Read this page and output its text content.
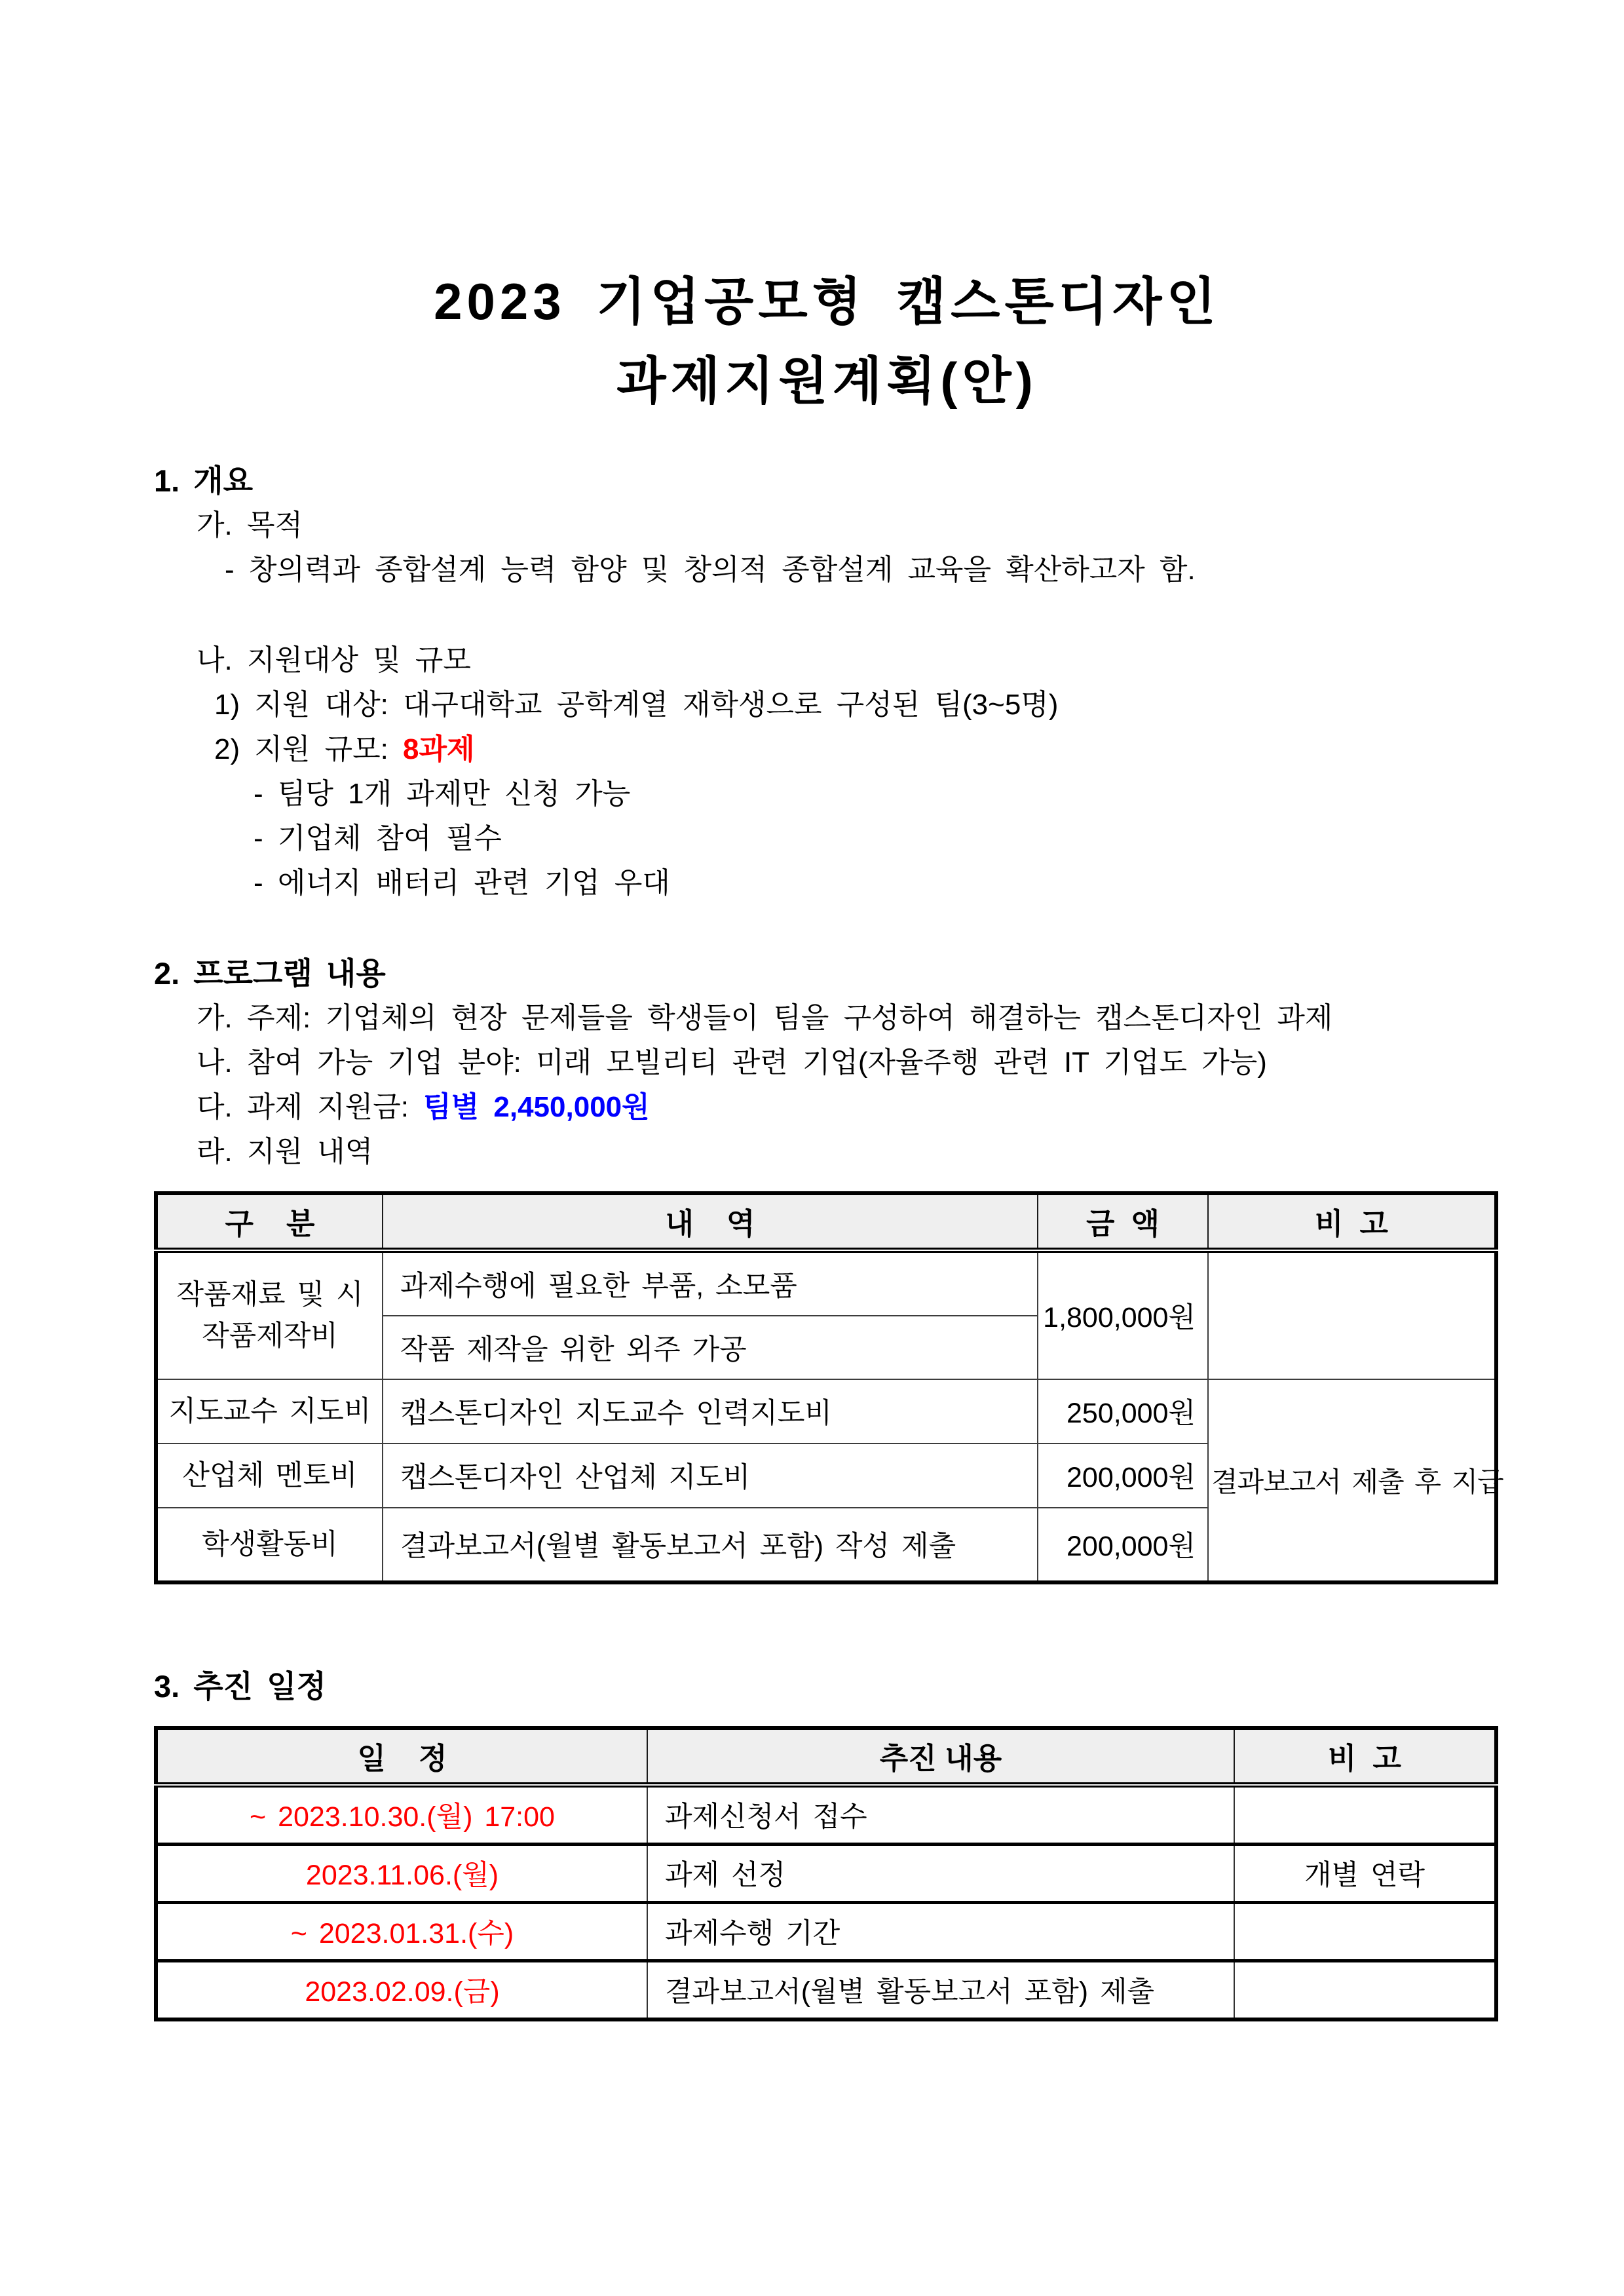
2023 기업공모형 캡스톤디자인
과제지원계획(안)
1. 개요
가. 목적
- 창의력과 종합설계 능력 함양 및 창의적 종합설계 교육을 확산하고자 함.
나. 지원대상 및 규모
1) 지원 대상: 대구대학교 공학계열 재학생으로 구성된 팀(3~5명)
2) 지원 규모: 8과제
- 팀당 1개 과제만 신청 가능
- 기업체 참여 필수
- 에너지 배터리 관련 기업 우대
2. 프로그램 내용
가. 주제: 기업체의 현장 문제들을 학생들이 팀을 구성하여 해결하는 캡스톤디자인 과제
나. 참여 가능 기업 분야: 미래 모빌리티 관련 기업(자율주행 관련 IT 기업도 가능)
다. 과제 지원금: 팀별 2,450,000원
라. 지원 내역
구    분	내    역	금  액	비  고
작품재료 및 시작품제작비	과제수행에 필요한 부품, 소모품	1,800,000원	
	작품 제작을 위한 외주 가공		
지도교수 지도비	캡스톤디자인 지도교수 인력지도비	250,000원	결과보고서 제출 후 지급
산업체 멘토비	캡스톤디자인 산업체 지도비	200,000원	
학생활동비	결과보고서(월별 활동보고서 포함) 작성 제출	200,000원	
3. 추진 일정
일    정	추진 내용	비  고
~ 2023.10.30.(월) 17:00	과제신청서 접수	
2023.11.06.(월)	과제 선정	개별 연락
~ 2023.01.31.(수)	과제수행 기간	
2023.02.09.(금)	결과보고서(월별 활동보고서 포함) 제출	
